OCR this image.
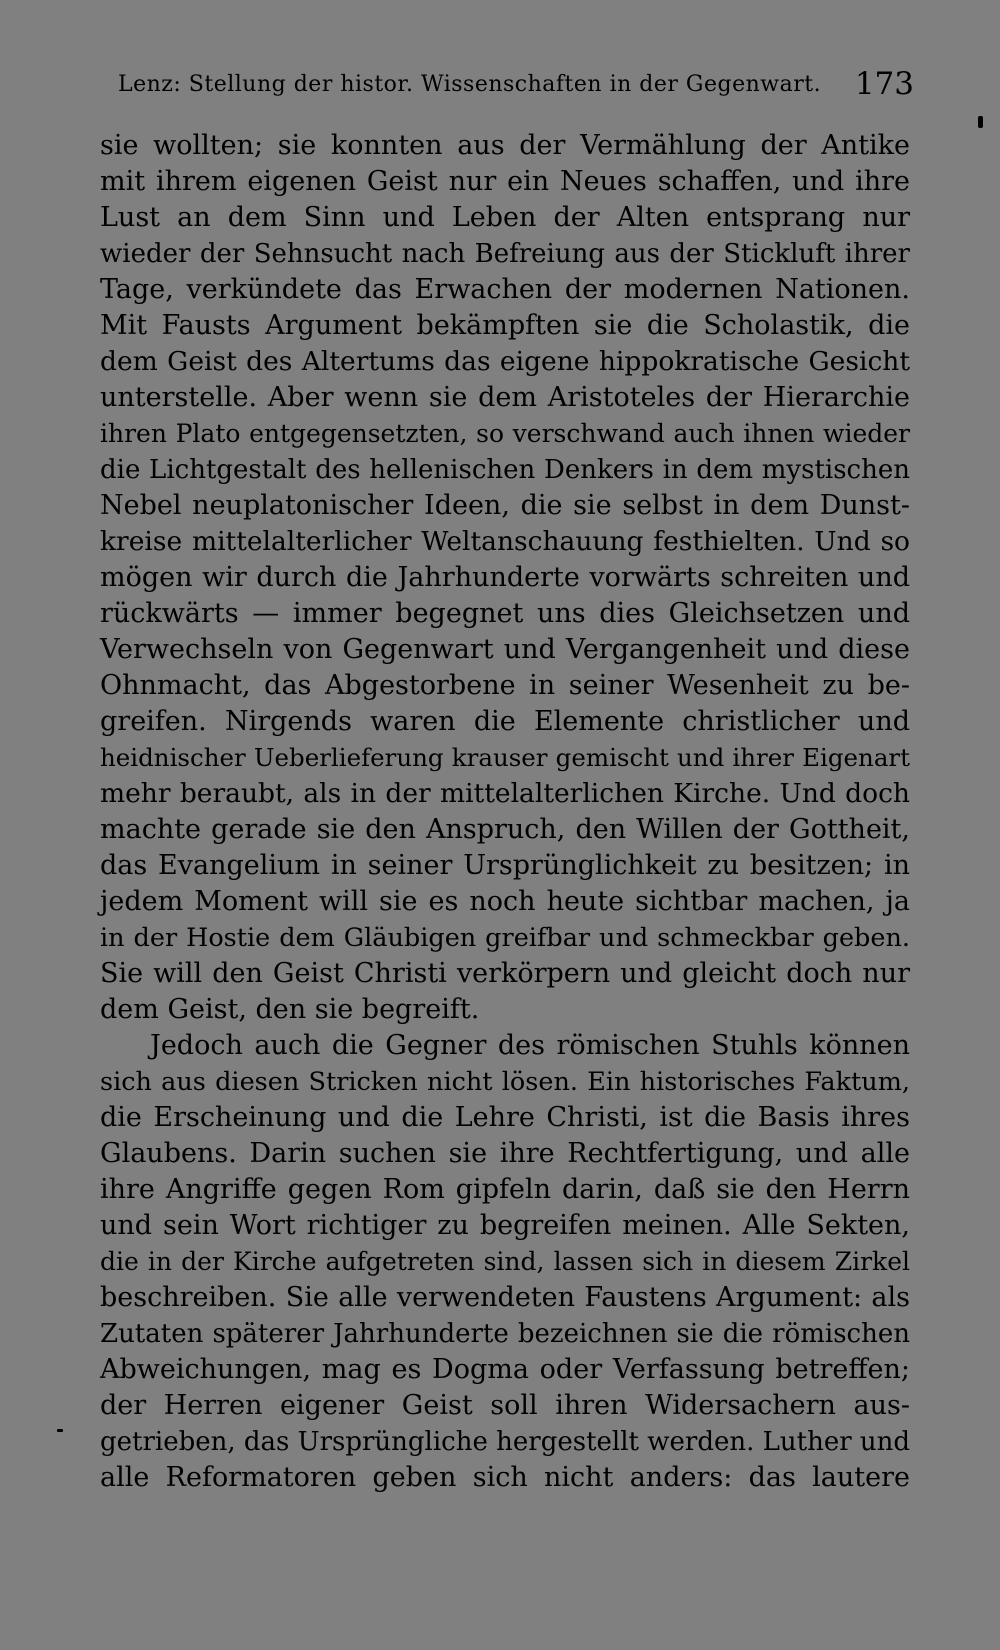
Lenz: Stellung der histor. Wissenschaften in der Gegenwart. 173
sie wollten; sie konnten aus der Vermählung der Antike
mit ihrem eigenen Geist nur ein Neues schaffen, und ihre
Lust an dem Sinn und Leben der Alten entsprang nur
wieder der Sehnsucht nach Befreiung aus der Stickluft ihrer
Tage, verkündete das Erwachen der modernen Nationen.
Mit Fausts Argument bekämpften sie die Scholastik, die
dem Geist des Altertums das eigene hippokratische Gesicht
unterstelle. Aber wenn sie dem Aristoteles der Hierarchie
ihren Plato entgegensetzten, so verschwand auch ihnen wieder
die Lichtgestalt des hellenischen Denkers in dem mystischen
Nebel neuplatonischer Ideen, die sie selbst in dem Dunst-
kreise mittelalterlicher Weltanschauung festhielten. Und so
mögen wir durch die Jahrhunderte vorwärts schreiten und
rückwärts — immer begegnet uns dies Gleichsetzen und
Verwechseln von Gegenwart und Vergangenheit und diese
Ohnmacht, das Abgestorbene in seiner Wesenheit zu be-
greifen. Nirgends waren die Elemente christlicher und
heidnischer Ueberlieferung krauser gemischt und ihrer Eigenart
mehr beraubt, als in der mittelalterlichen Kirche. Und doch
machte gerade sie den Anspruch, den Willen der Gottheit,
das Evangelium in seiner Ursprünglichkeit zu besitzen; in
jedem Moment will sie es noch heute sichtbar machen, ja
in der Hostie dem Gläubigen greifbar und schmeckbar geben.
Sie will den Geist Christi verkörpern und gleicht doch nur
dem Geist, den sie begreift.
Jedoch auch die Gegner des römischen Stuhls können
sich aus diesen Stricken nicht lösen. Ein historisches Faktum,
die Erscheinung und die Lehre Christi, ist die Basis ihres
Glaubens. Darin suchen sie ihre Rechtfertigung, und alle
ihre Angriffe gegen Rom gipfeln darin, daß sie den Herrn
und sein Wort richtiger zu begreifen meinen. Alle Sekten,
die in der Kirche aufgetreten sind, lassen sich in diesem Zirkel
beschreiben. Sie alle verwendeten Faustens Argument: als
Zutaten späterer Jahrhunderte bezeichnen sie die römischen
Abweichungen, mag es Dogma oder Verfassung betreffen;
der Herren eigener Geist soll ihren Widersachern aus-
getrieben, das Ursprüngliche hergestellt werden. Luther und
alle Reformatoren geben sich nicht anders: das lautere
